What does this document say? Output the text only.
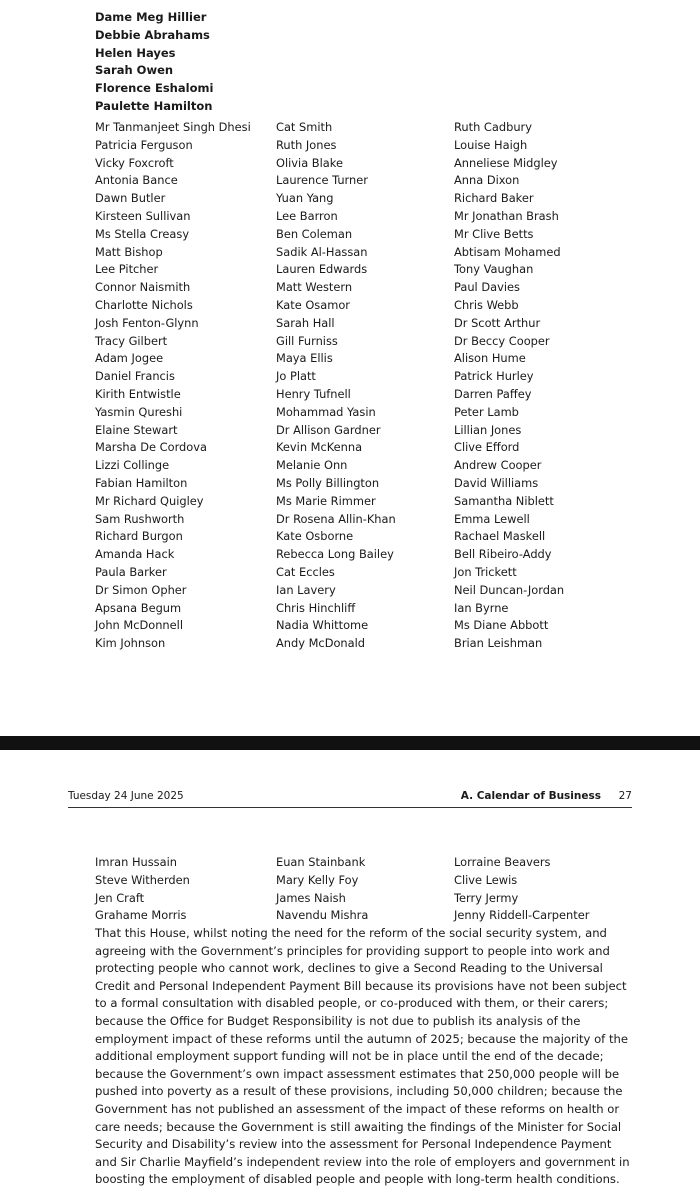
Dame Meg Hillier
Debbie Abrahams
Helen Hayes
Sarah Owen
Florence Eshalomi
Paulette Hamilton
Mr Tanmanjeet Singh Dhesi
Patricia Ferguson
Vicky Foxcroft
Antonia Bance
Dawn Butler
Kirsteen Sullivan
Ms Stella Creasy
Matt Bishop
Lee Pitcher
Connor Naismith
Charlotte Nichols
Josh Fenton-Glynn
Tracy Gilbert
Adam Jogee
Daniel Francis
Kirith Entwistle
Yasmin Qureshi
Elaine Stewart
Marsha De Cordova
Lizzi Collinge
Fabian Hamilton
Mr Richard Quigley
Sam Rushworth
Richard Burgon
Amanda Hack
Paula Barker
Dr Simon Opher
Apsana Begum
John McDonnell
Kim Johnson
Cat Smith
Ruth Jones
Olivia Blake
Laurence Turner
Yuan Yang
Lee Barron
Ben Coleman
Sadik Al-Hassan
Lauren Edwards
Matt Western
Kate Osamor
Sarah Hall
Gill Furniss
Maya Ellis
Jo Platt
Henry Tufnell
Mohammad Yasin
Dr Allison Gardner
Kevin McKenna
Melanie Onn
Ms Polly Billington
Ms Marie Rimmer
Dr Rosena Allin-Khan
Kate Osborne
Rebecca Long Bailey
Cat Eccles
Ian Lavery
Chris Hinchliff
Nadia Whittome
Andy McDonald
Ruth Cadbury
Louise Haigh
Anneliese Midgley
Anna Dixon
Richard Baker
Mr Jonathan Brash
Mr Clive Betts
Abtisam Mohamed
Tony Vaughan
Paul Davies
Chris Webb
Dr Scott Arthur
Dr Beccy Cooper
Alison Hume
Patrick Hurley
Darren Paffey
Peter Lamb
Lillian Jones
Clive Efford
Andrew Cooper
David Williams
Samantha Niblett
Emma Lewell
Rachael Maskell
Bell Ribeiro-Addy
Jon Trickett
Neil Duncan-Jordan
Ian Byrne
Ms Diane Abbott
Brian Leishman
Tuesday 24 June 2025	A. Calendar of Business 27
Imran Hussain
Steve Witherden
Jen Craft
Grahame Morris
Euan Stainbank
Mary Kelly Foy
James Naish
Navendu Mishra
Lorraine Beavers
Clive Lewis
Terry Jermy
Jenny Riddell-Carpenter

That this House, whilst noting the need for the reform of the social security system, and agreeing with the Government’s principles for providing support to people into work and protecting people who cannot work, declines to give a Second Reading to the Universal Credit and Personal Independent Payment Bill because its provisions have not been subject to a formal consultation with disabled people, or co-produced with them, or their carers; because the Office for Budget Responsibility is not due to publish its analysis of the employment impact of these reforms until the autumn of 2025; because the majority of the additional employment support funding will not be in place until the end of the decade; because the Government’s own impact assessment estimates that 250,000 people will be pushed into poverty as a result of these provisions, including 50,000 children; because the Government has not published an assessment of the impact of these reforms on health or care needs; because the Government is still awaiting the findings of the Minister for Social Security and Disability’s review into the assessment for Personal Independence Payment and Sir Charlie Mayfield’s independent review into the role of employers and government in boosting the employment of disabled people and people with long-term health conditions.
